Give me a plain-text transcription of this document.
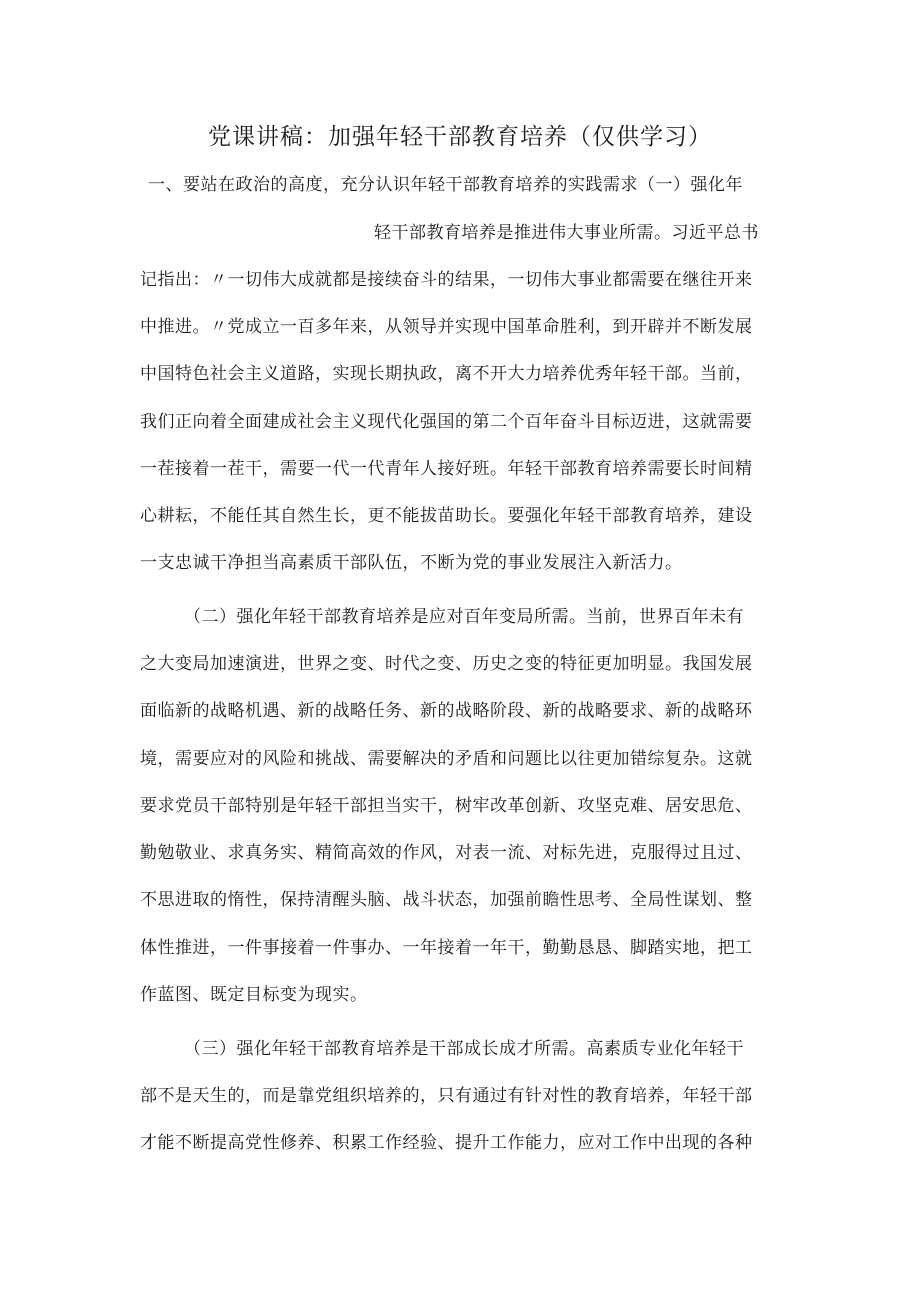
党课讲稿：加强年轻干部教育培养（仅供学习）
一、要站在政治的高度，充分认识年轻干部教育培养的实践需求（一）强化年
轻干部教育培养是推进伟大事业所需。习近平总书
记指出：〃一切伟大成就都是接续奋斗的结果，一切伟大事业都需要在继往开来
中推进。〃党成立一百多年来，从领导并实现中国革命胜利，到开辟并不断发展
中国特色社会主义道路，实现长期执政，离不开大力培养优秀年轻干部。当前，
我们正向着全面建成社会主义现代化强国的第二个百年奋斗目标迈进，这就需要
一茬接着一茬干，需要一代一代青年人接好班。年轻干部教育培养需要长时间精
心耕耘，不能任其自然生长，更不能拔苗助长。要强化年轻干部教育培养，建设
一支忠诚干净担当高素质干部队伍，不断为党的事业发展注入新活力。
（二）强化年轻干部教育培养是应对百年变局所需。当前，世界百年未有
之大变局加速演进，世界之变、时代之变、历史之变的特征更加明显。我国发展
面临新的战略机遇、新的战略任务、新的战略阶段、新的战略要求、新的战略环
境，需要应对的风险和挑战、需要解决的矛盾和问题比以往更加错综复杂。这就
要求党员干部特别是年轻干部担当实干，树牢改革创新、攻坚克难、居安思危、
勤勉敬业、求真务实、精简高效的作风，对表一流、对标先进，克服得过且过、
不思进取的惰性，保持清醒头脑、战斗状态，加强前瞻性思考、全局性谋划、整
体性推进，一件事接着一件事办、一年接着一年干，勤勤恳恳、脚踏实地，把工
作蓝图、既定目标变为现实。
（三）强化年轻干部教育培养是干部成长成才所需。高素质专业化年轻干
部不是天生的，而是靠党组织培养的，只有通过有针对性的教育培养，年轻干部
才能不断提高党性修养、积累工作经验、提升工作能力，应对工作中出现的各种
